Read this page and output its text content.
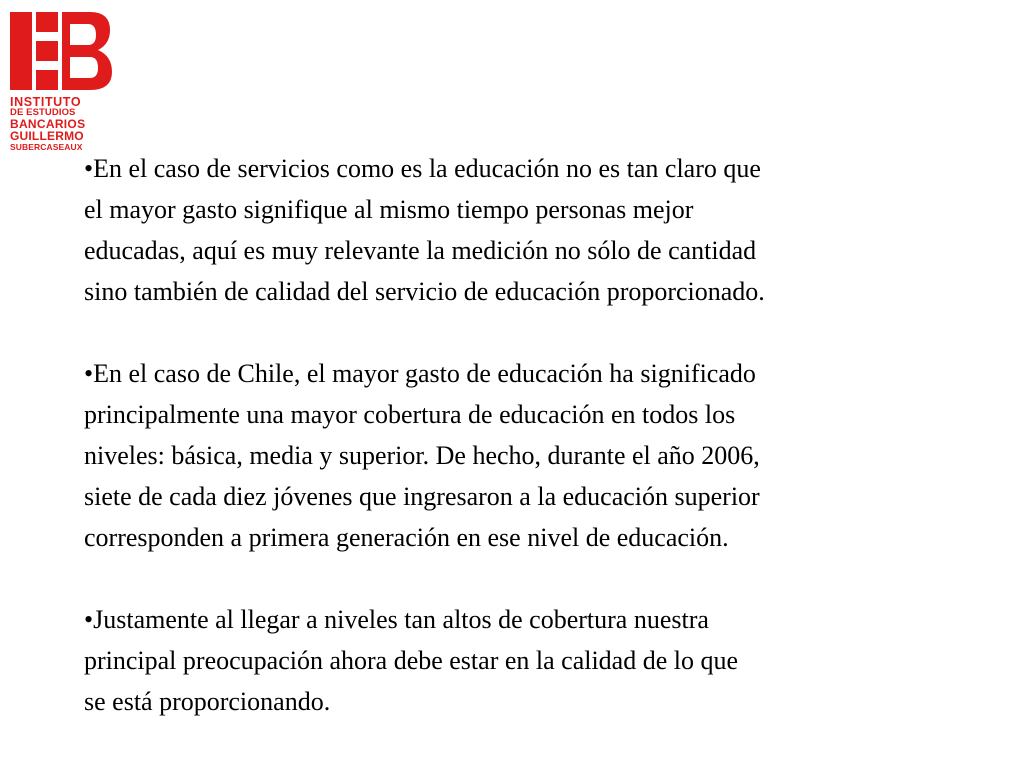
INSTITUTO
DE ESTUDIOS
BANCARIOS
GUILLERMO
SUBERCASEAUX

•En el caso de servicios como es la educación no es tan claro que
el mayor gasto signifique al mismo tiempo personas mejor
educadas, aquí es muy relevante la medición no sólo de cantidad
sino también de calidad del servicio de educación proporcionado.

•En el caso de Chile, el mayor gasto de educación ha significado
principalmente una mayor cobertura de educación en todos los
niveles: básica, media y superior. De hecho, durante el año 2006,
siete de cada diez jóvenes que ingresaron a la educación superior
corresponden a primera generación en ese nivel de educación.

•Justamente al llegar a niveles tan altos de cobertura nuestra
principal preocupación ahora debe estar en la calidad de lo que
se está proporcionando.
